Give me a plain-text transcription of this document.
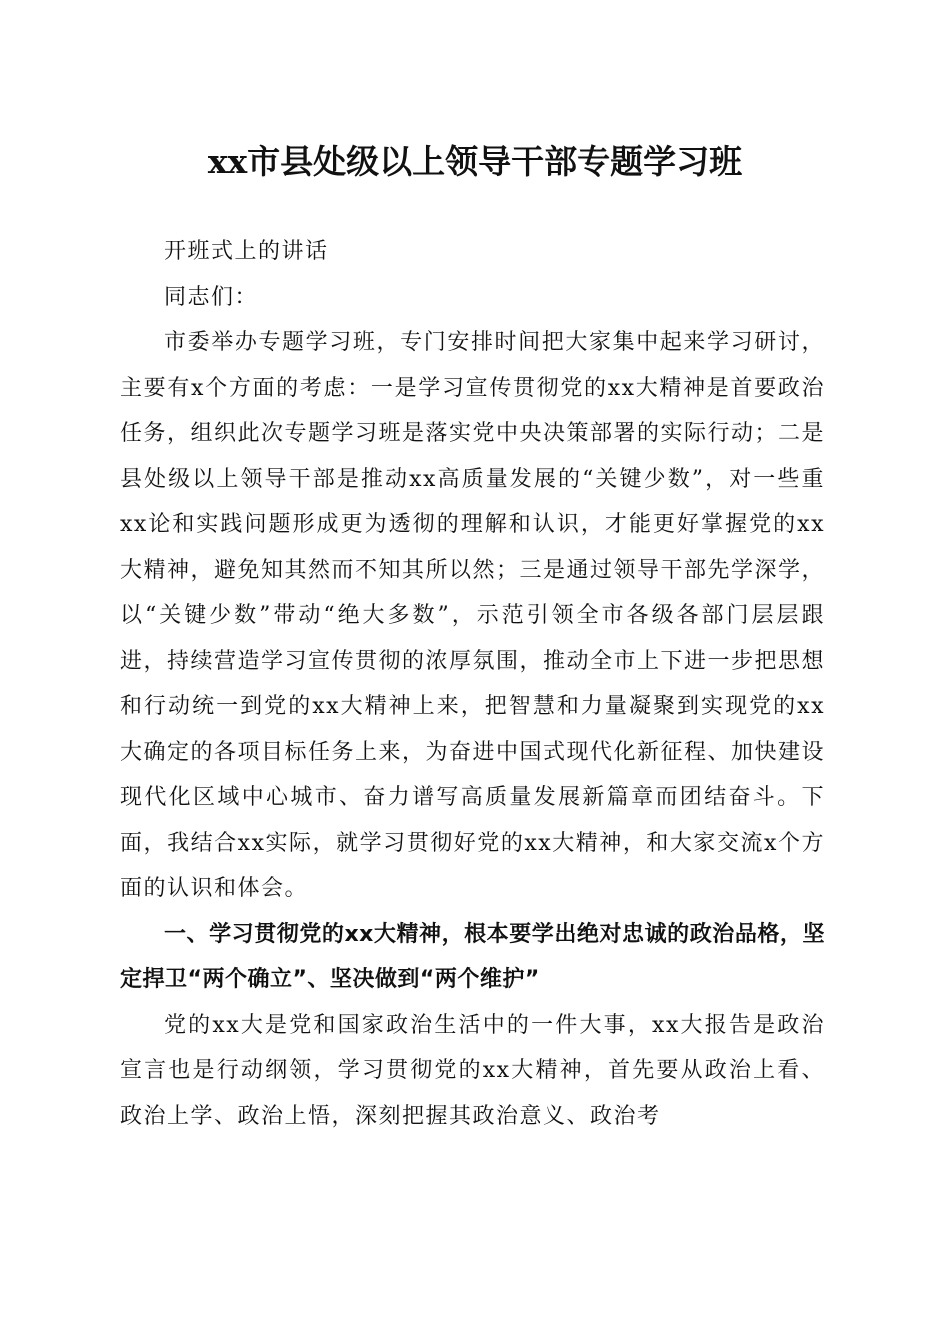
xx市县处级以上领导干部专题学习班

开班式上的讲话

同志们：

市委举办专题学习班，专门安排时间把大家集中起来学习研讨，主要有x个方面的考虑：一是学习宣传贯彻党的xx大精神是首要政治任务，组织此次专题学习班是落实党中央决策部署的实际行动；二是县处级以上领导干部是推动xx高质量发展的“关键少数”，对一些重xx论和实践问题形成更为透彻的理解和认识，才能更好掌握党的xx大精神，避免知其然而不知其所以然；三是通过领导干部先学深学，以“关键少数”带动“绝大多数”，示范引领全市各级各部门层层跟进，持续营造学习宣传贯彻的浓厚氛围，推动全市上下进一步把思想和行动统一到党的xx大精神上来，把智慧和力量凝聚到实现党的xx大确定的各项目标任务上来，为奋进中国式现代化新征程、加快建设现代化区域中心城市、奋力谱写高质量发展新篇章而团结奋斗。下面，我结合xx实际，就学习贯彻好党的xx大精神，和大家交流x个方面的认识和体会。

一、学习贯彻党的xx大精神，根本要学出绝对忠诚的政治品格，坚定捍卫“两个确立”、坚决做到“两个维护”

党的xx大是党和国家政治生活中的一件大事，xx大报告是政治宣言也是行动纲领，学习贯彻党的xx大精神，首先要从政治上看、政治上学、政治上悟，深刻把握其政治意义、政治考
